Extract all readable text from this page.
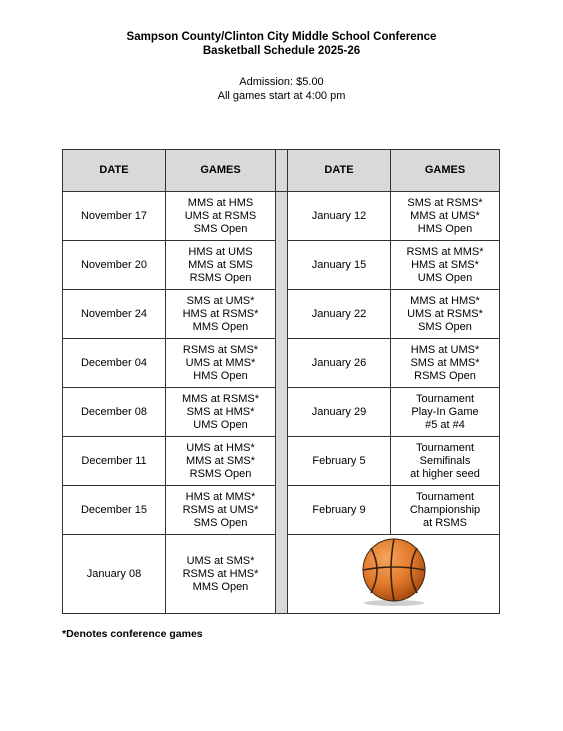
Sampson County/Clinton City Middle School Conference
Basketball Schedule 2025-26
Admission: $5.00
All games start at 4:00 pm
DATE	GAMES		DATE	GAMES
November 17	MMS at HMS
UMS at RSMS
SMS Open		January 12	SMS at RSMS*
MMS at UMS*
HMS Open

November 20	HMS at UMS
MMS at SMS
RSMS Open		January 15	RSMS at MMS*
HMS at SMS*
UMS Open

November 24	SMS at UMS*
HMS at RSMS*
MMS Open		January 22	MMS at HMS*
UMS at RSMS*
SMS Open

December 04	RSMS at SMS*
UMS at MMS*
HMS Open		January 26	HMS at UMS*
SMS at MMS*
RSMS Open

December 08	MMS at RSMS*
SMS at HMS*
UMS Open		January 29	Tournament
Play-In Game
#5 at #4

December 11	UMS at HMS*
MMS at SMS*
RSMS Open		February 5	Tournament
Semifinals
at higher seed

December 15	HMS at MMS*
RSMS at UMS*
SMS Open		February 9	Tournament
Championship
at RSMS

January 08	UMS at SMS*
RSMS at HMS*
MMS Open

*Denotes conference games
